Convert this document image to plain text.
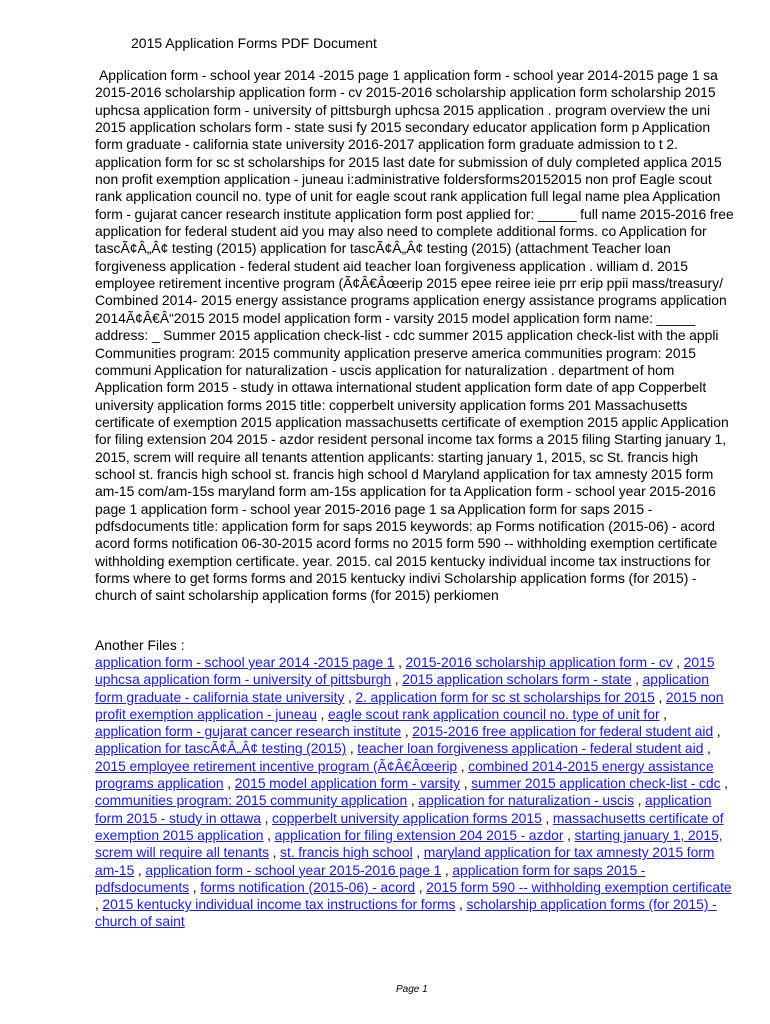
2015 Application Forms PDF Document
Application form - school year 2014 -2015 page 1 application form - school year 2014-2015 page 1 sa 2015-2016 scholarship application form - cv 2015-2016 scholarship application form scholarship 2015 uphcsa application form - university of pittsburgh uphcsa 2015 application . program overview the uni 2015 application scholars form - state susi fy 2015 secondary educator application form p Application form graduate - california state university 2016-2017 application form graduate admission to t 2. application form for sc st scholarships for 2015 last date for submission of duly completed applica 2015 non profit exemption application - juneau i:administrative foldersforms20152015 non prof Eagle scout rank application council no. type of unit for eagle scout rank application full legal name plea Application form - gujarat cancer research institute application form post applied for: _____ full name 2015-2016 free application for federal student aid you may also need to complete additional forms. co Application for tascÃ¢Â„Â¢ testing (2015) application for tascÃ¢Â„Â¢ testing (2015) (attachment Teacher loan forgiveness application - federal student aid teacher loan forgiveness application . william d. 2015 employee retirement incentive program (Ã¢Â€Âœerip 2015 epee reiree ieie prr erip ppii mass/treasury/ Combined 2014- 2015 energy assistance programs application energy assistance programs application 2014Ã¢Â€Â“2015 2015 model application form - varsity 2015 model application form name: _____ address: _ Summer 2015 application check-list - cdc summer 2015 application check-list with the appli Communities program: 2015 community application preserve america communities program: 2015 communi Application for naturalization - uscis application for naturalization . department of hom Application form 2015 - study in ottawa international student application form date of app Copperbelt university application forms 2015 title: copperbelt university application forms 201 Massachusetts certificate of exemption 2015 application massachusetts certificate of exemption 2015 applic Application for filing extension 204 2015 - azdor resident personal income tax forms a 2015 filing Starting january 1, 2015, screm will require all tenants attention applicants: starting january 1, 2015, sc St. francis high school st. francis high school st. francis high school d Maryland application for tax amnesty 2015 form am-15 com/am-15s maryland form am-15s application for ta Application form - school year 2015-2016 page 1 application form - school year 2015-2016 page 1 sa Application form for saps 2015 - pdfsdocuments title: application form for saps 2015 keywords: ap Forms notification (2015-06) - acord acord forms notification 06-30-2015 acord forms no 2015 form 590 -- withholding exemption certificate withholding exemption certificate. year. 2015. cal 2015 kentucky individual income tax instructions for forms where to get forms forms and 2015 kentucky indivi Scholarship application forms (for 2015) - church of saint scholarship application forms (for 2015) perkiomen
Another Files :
application form - school year 2014 -2015 page 1 , 2015-2016 scholarship application form - cv , 2015 uphcsa application form - university of pittsburgh , 2015 application scholars form - state , application form graduate - california state university , 2. application form for sc st scholarships for 2015 , 2015 non profit exemption application - juneau , eagle scout rank application council no. type of unit for , application form - gujarat cancer research institute , 2015-2016 free application for federal student aid , application for tascÃ¢Â„Â¢ testing (2015) , teacher loan forgiveness application - federal student aid , 2015 employee retirement incentive program (Ã¢Â€Âœerip , combined 2014-2015 energy assistance programs application , 2015 model application form - varsity , summer 2015 application check-list - cdc , communities program: 2015 community application , application for naturalization - uscis , application form 2015 - study in ottawa , copperbelt university application forms 2015 , massachusetts certificate of exemption 2015 application , application for filing extension 204 2015 - azdor , starting january 1, 2015, screm will require all tenants , st. francis high school , maryland application for tax amnesty 2015 form am-15 , application form - school year 2015-2016 page 1 , application form for saps 2015 - pdfsdocuments , forms notification (2015-06) - acord , 2015 form 590 -- withholding exemption certificate , 2015 kentucky individual income tax instructions for forms , scholarship application forms (for 2015) - church of saint
Page 1
